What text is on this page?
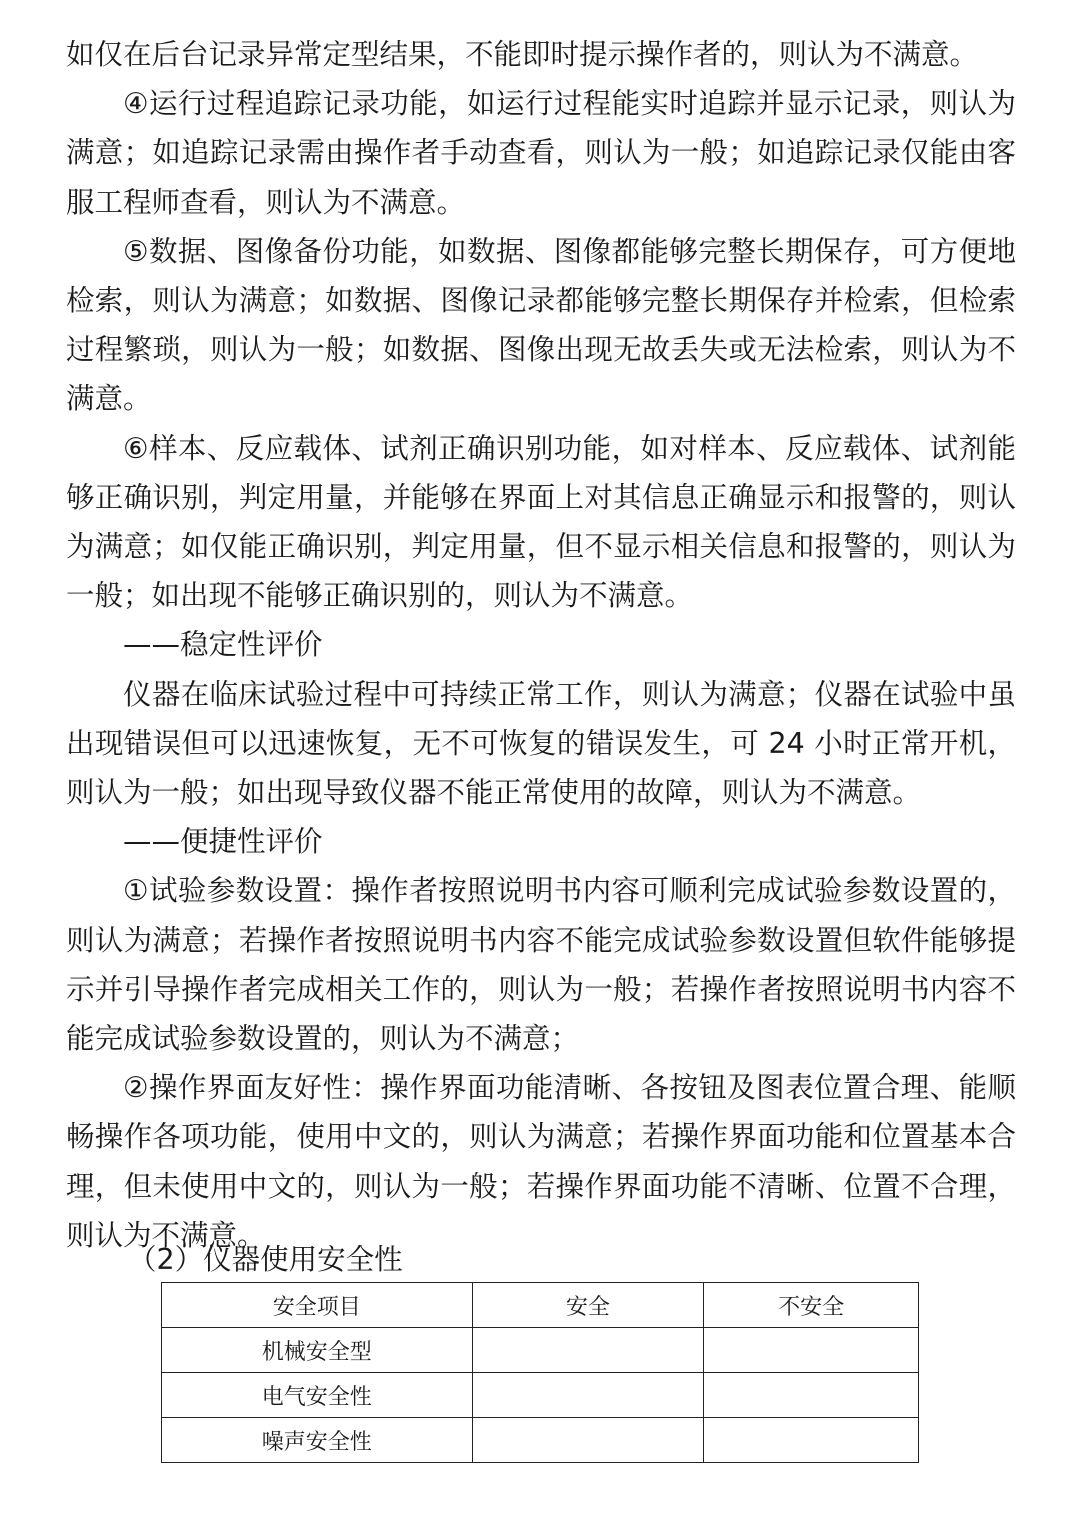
如仅在后台记录异常定型结果，不能即时提示操作者的，则认为不满意。

④运行过程追踪记录功能，如运行过程能实时追踪并显示记录，则认为满意；如追踪记录需由操作者手动查看，则认为一般；如追踪记录仅能由客服工程师查看，则认为不满意。

⑤数据、图像备份功能，如数据、图像都能够完整长期保存，可方便地检索，则认为满意；如数据、图像记录都能够完整长期保存并检索，但检索过程繁琐，则认为一般；如数据、图像出现无故丢失或无法检索，则认为不满意。

⑥样本、反应载体、试剂正确识别功能，如对样本、反应载体、试剂能够正确识别，判定用量，并能够在界面上对其信息正确显示和报警的，则认为满意；如仅能正确识别，判定用量，但不显示相关信息和报警的，则认为一般；如出现不能够正确识别的，则认为不满意。

——稳定性评价

仪器在临床试验过程中可持续正常工作，则认为满意；仪器在试验中虽出现错误但可以迅速恢复，无不可恢复的错误发生，可 24 小时正常开机，则认为一般；如出现导致仪器不能正常使用的故障，则认为不满意。

——便捷性评价

①试验参数设置：操作者按照说明书内容可顺利完成试验参数设置的，则认为满意；若操作者按照说明书内容不能完成试验参数设置但软件能够提示并引导操作者完成相关工作的，则认为一般；若操作者按照说明书内容不能完成试验参数设置的，则认为不满意；

②操作界面友好性：操作界面功能清晰、各按钮及图表位置合理、能顺畅操作各项功能，使用中文的，则认为满意；若操作界面功能和位置基本合理，但未使用中文的，则认为一般；若操作界面功能不清晰、位置不合理，则认为不满意。

（2）仪器使用安全性
安全项目	安全	不安全
机械安全型		
电气安全性		
噪声安全性		
